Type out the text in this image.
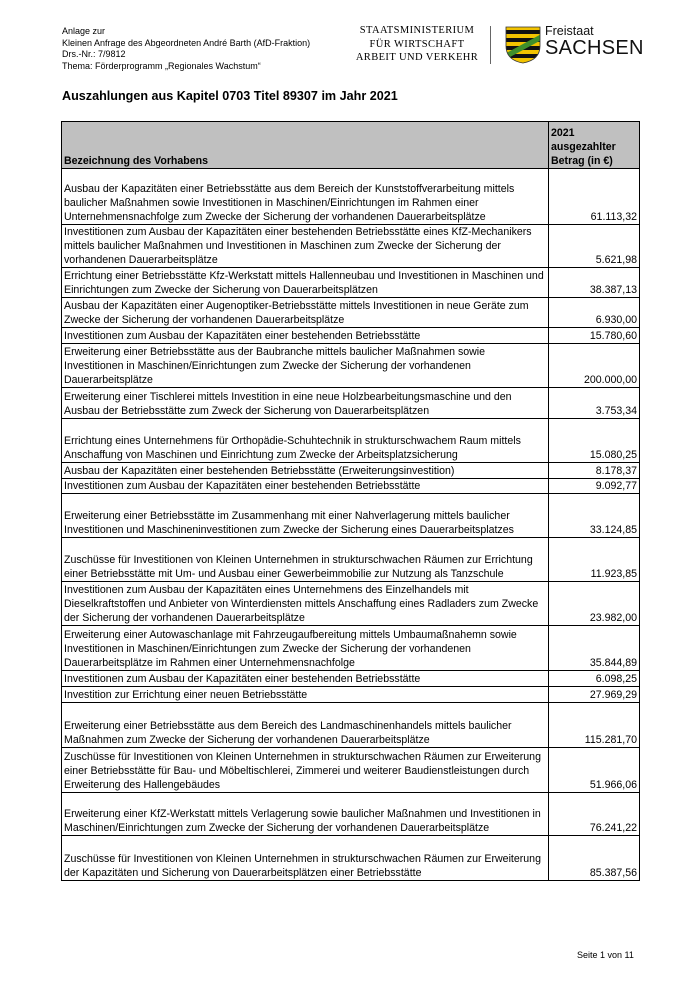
Anlage zur
Kleinen Anfrage des Abgeordneten André Barth (AfD-Fraktion)
Drs.-Nr.: 7/9812
Thema: Förderprogramm „Regionales Wachstum“
STAATSMINISTERIUM
FÜR WIRTSCHAFT
ARBEIT UND VERKEHR
Freistaat
SACHSEN
Auszahlungen aus Kapitel 0703 Titel 89307 im Jahr 2021
Bezeichnung des Vorhabens	2021 ausgezahlter Betrag (in €)
Ausbau der Kapazitäten einer Betriebsstätte aus dem Bereich der Kunststoffverarbeitung mittels baulicher Maßnahmen sowie Investitionen in Maschinen/Einrichtungen im Rahmen einer Unternehmensnachfolge zum Zwecke der Sicherung der vorhandenen Dauerarbeitsplätze	61.113,32
Investitionen zum Ausbau der Kapazitäten einer bestehenden Betriebsstätte eines KfZ-Mechanikers mittels baulicher Maßnahmen und Investitionen in Maschinen zum Zwecke der Sicherung der vorhandenen Dauerarbeitsplätze	5.621,98
Errichtung einer Betriebsstätte Kfz-Werkstatt mittels Hallenneubau und Investitionen in Maschinen und Einrichtungen zum Zwecke der Sicherung von Dauerarbeitsplätzen	38.387,13
Ausbau der Kapazitäten einer Augenoptiker-Betriebsstätte mittels Investitionen in neue Geräte zum Zwecke der Sicherung der vorhandenen Dauerarbeitsplätze	6.930,00
Investitionen zum Ausbau der Kapazitäten einer bestehenden Betriebsstätte	15.780,60
Erweiterung einer Betriebsstätte aus der Baubranche mittels baulicher Maßnahmen sowie Investitionen in Maschinen/Einrichtungen zum Zwecke der Sicherung der vorhandenen Dauerarbeitsplätze	200.000,00
Erweiterung einer Tischlerei mittels Investition in eine neue Holzbearbeitungsmaschine und den Ausbau der Betriebsstätte zum Zweck der Sicherung von Dauerarbeitsplätzen	3.753,34
Errichtung eines Unternehmens für Orthopädie-Schuhtechnik in strukturschwachem Raum mittels Anschaffung von Maschinen und Einrichtung zum Zwecke der Arbeitsplatzsicherung	15.080,25
Ausbau der Kapazitäten einer bestehenden Betriebsstätte (Erweiterungsinvestition)	8.178,37
Investitionen zum Ausbau der Kapazitäten einer bestehenden Betriebsstätte	9.092,77
Erweiterung einer Betriebsstätte im Zusammenhang mit einer Nahverlagerung mittels baulicher Investitionen und Maschineninvestitionen zum Zwecke der Sicherung eines Dauerarbeitsplatzes	33.124,85
Zuschüsse für Investitionen von Kleinen Unternehmen in strukturschwachen Räumen zur Errichtung einer Betriebsstätte mit Um- und Ausbau einer Gewerbeimmobilie zur Nutzung als Tanzschule	11.923,85
Investitionen zum Ausbau der Kapazitäten eines Unternehmens des Einzelhandels mit Dieselkraftstoffen und Anbieter von Winterdiensten mittels Anschaffung eines Radladers zum Zwecke der Sicherung der vorhandenen Dauerarbeitsplätze	23.982,00
Erweiterung einer Autowaschanlage mit Fahrzeugaufbereitung mittels Umbaumaßnahemn sowie Investitionen in Maschinen/Einrichtungen zum Zwecke der Sicherung der vorhandenen Dauerarbeitsplätze im Rahmen einer Unternehmensnachfolge	35.844,89
Investitionen zum Ausbau der Kapazitäten einer bestehenden Betriebsstätte	6.098,25
Investition zur Errichtung einer neuen Betriebsstätte	27.969,29
Erweiterung einer Betriebsstätte aus dem Bereich des Landmaschinenhandels mittels baulicher Maßnahmen zum Zwecke der Sicherung der vorhandenen Dauerarbeitsplätze	115.281,70
Zuschüsse für Investitionen von Kleinen Unternehmen in strukturschwachen Räumen zur Erweiterung einer Betriebsstätte für Bau- und Möbeltischlerei, Zimmerei und weiterer Baudienstleistungen durch Erweiterung des Hallengebäudes	51.966,06
Erweiterung einer KfZ-Werkstatt mittels Verlagerung sowie baulicher Maßnahmen und Investitionen in Maschinen/Einrichtungen zum Zwecke der Sicherung der vorhandenen Dauerarbeitsplätze	76.241,22
Zuschüsse für Investitionen von Kleinen Unternehmen in strukturschwachen Räumen zur Erweiterung der Kapazitäten und Sicherung von Dauerarbeitsplätzen einer Betriebsstätte	85.387,56
Seite 1 von 11
